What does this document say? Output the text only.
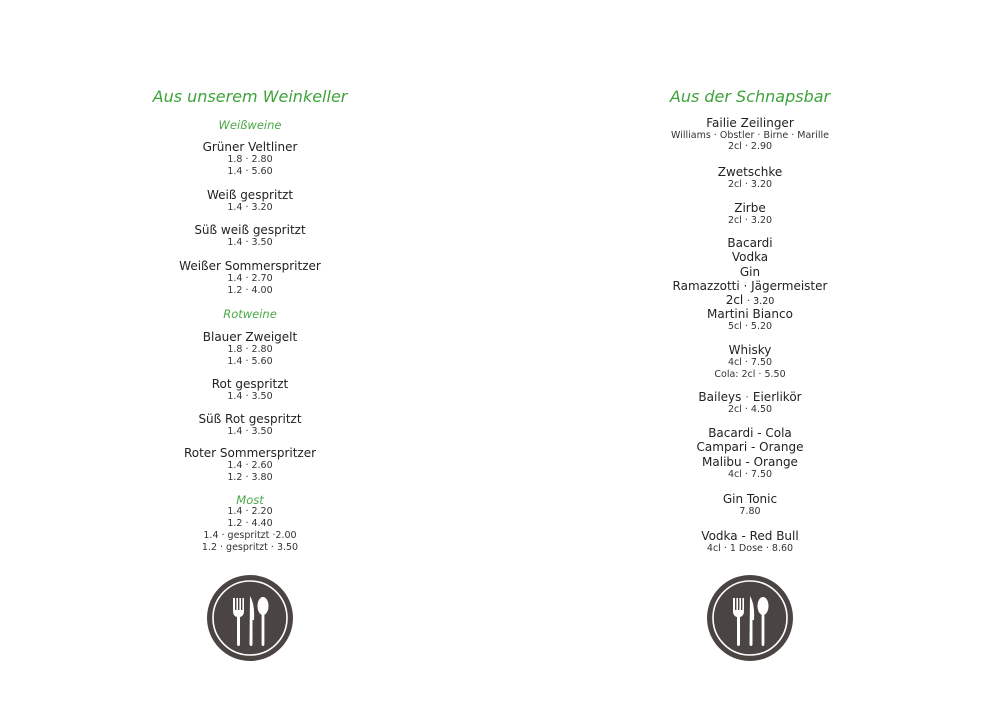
Aus unserem Weinkeller
Weißweine
Grüner Veltliner
1.8 · 2.80
1.4 · 5.60
Weiß gespritzt
1.4 · 3.20
Süß weiß gespritzt
1.4 · 3.50
Weißer Sommerspritzer
1.4 · 2.70
1.2 · 4.00
Rotweine
Blauer Zweigelt
1.8 · 2.80
1.4 · 5.60
Rot gespritzt
1.4 · 3.50
Süß Rot gespritzt
1.4 · 3.50
Roter Sommerspritzer
1.4 · 2.60
1.2 · 3.80
Most
1.4 · 2.20
1.2 · 4.40
1.4 · gespritzt ·2.00
1.2 · gespritzt · 3.50
Aus der Schnapsbar
Failie Zeilinger
Williams · Obstler · Birne · Marille
2cl · 2.90
Zwetschke
2cl · 3.20
Zirbe
2cl · 3.20
Bacardi
Vodka
Gin
Ramazzotti · Jägermeister
2cl · 3.20
Martini Bianco
5cl · 5.20
Whisky
4cl · 7.50
Cola: 2cl · 5.50
Baileys · Eierlikör
2cl · 4.50
Bacardi - Cola
Campari - Orange
Malibu - Orange
4cl · 7.50
Gin Tonic
7.80
Vodka - Red Bull
4cl · 1 Dose · 8.60
